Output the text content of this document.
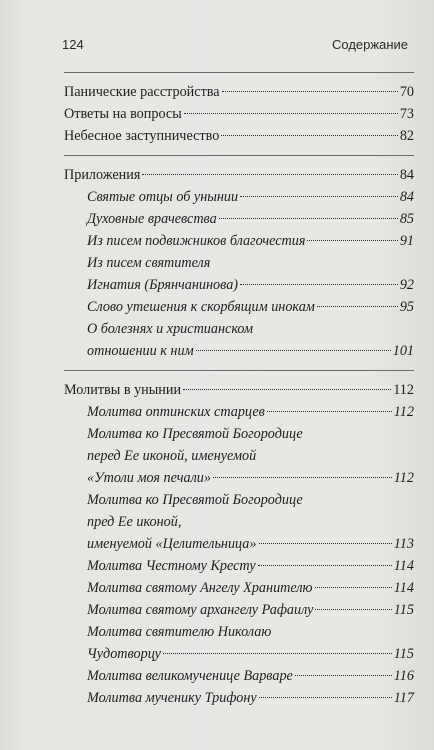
124	Содержание
Панические расстройства	70
Ответы на вопросы	73
Небесное заступничество	82
Приложения	84
Святые отцы об унынии	84
Духовные врачевства	85
Из писем подвижников благочестия	91
Из писем святителя
Игнатия (Брянчанинова)	92
Слово утешения к скорбящим инокам	95
О болезнях и христианском
отношении к ним	101
Молитвы в унынии	112
Молитва оптинских старцев	112
Молитва ко Пресвятой Богородице
перед Ее иконой, именуемой
«Утоли моя печали»	112
Молитва ко Пресвятой Богородице
пред Ее иконой,
именуемой «Целительница»	113
Молитва Честному Кресту	114
Молитва святому Ангелу Хранителю	114
Молитва святому архангелу Рафаилу	115
Молитва святителю Николаю
Чудотворцу	115
Молитва великомученице Варваре	116
Молитва мученику Трифону	117
